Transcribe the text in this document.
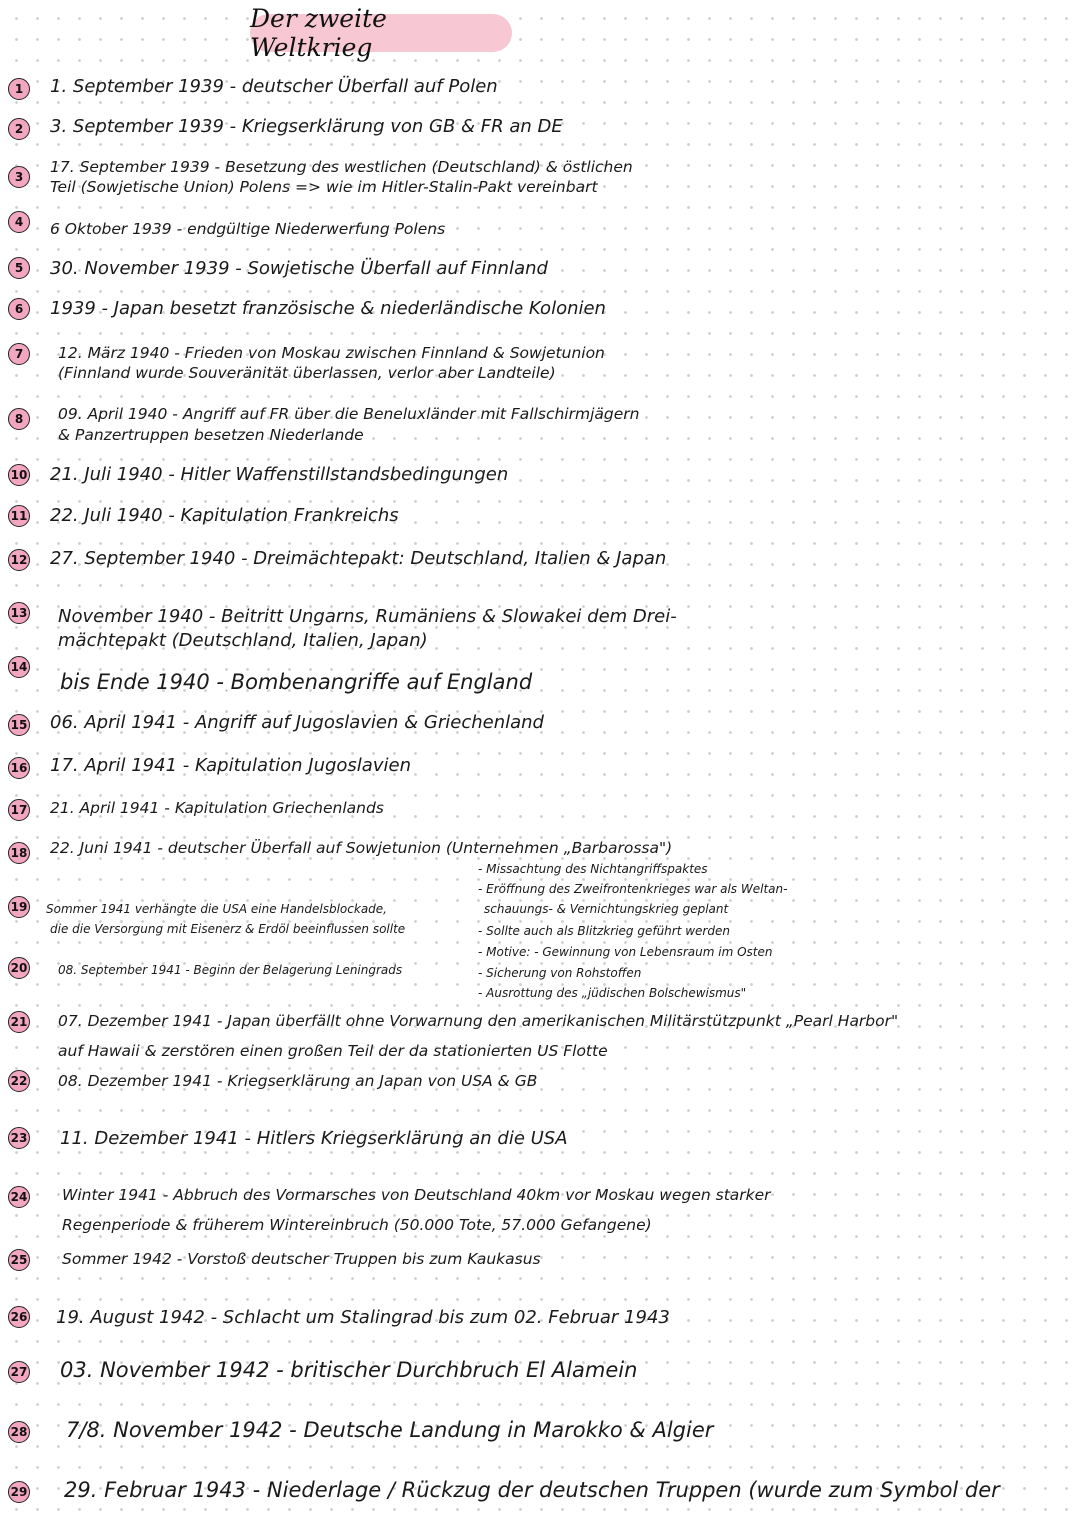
Der zweite Weltkrieg
1	1. September 1939 - deutscher Überfall auf Polen
2	3. September 1939 - Kriegserklärung von GB & FR an DE
3
17. September 1939 - Besetzung des westlichen (Deutschland) & östlichen
Teil (Sowjetische Union) Polens => wie im Hitler-Stalin-Pakt vereinbart
4	6 Oktober 1939 - endgültige Niederwerfung Polens
5	30. November 1939 - Sowjetische Überfall auf Finnland
6	1939 - Japan besetzt französische & niederländische Kolonien
7	12. März 1940 - Frieden von Moskau zwischen Finnland & Sowjetunion
(Finnland wurde Souveränität überlassen, verlor aber Landteile)
8	09. April 1940 - Angriff auf FR über die Beneluxländer mit Fallschirmjägern
& Panzertruppen besetzen Niederlande
10 21. Juli 1940 - Hitler Waffenstillstandsbedingungen
11 22. Juli 1940 - Kapitulation Frankreichs
12 27. September 1940 - Dreimächtepakt: Deutschland, Italien & Japan
13 November 1940 - Beitritt Ungarns, Rumäniens & Slowakei dem Drei-
mächtepakt (Deutschland, Italien, Japan)
14
bis Ende 1940 - Bombenangriffe auf England
15 06. April 1941 - Angriff auf Jugoslavien & Griechenland
16 17. April 1941 - Kapitulation Jugoslavien
17 21. April 1941 - Kapitulation Griechenlands
18 22. Juni 1941 - deutscher Überfall auf Sowjetunion (Unternehmen „Barbarossa")
- Missachtung des Nichtangriffspaktes
- Eröffnung des Zweifrontenkrieges war als Weltan-
schauungs- & Vernichtungskrieg geplant
- Sollte auch als Blitzkrieg geführt werden
- Motive: - Gewinnung von Lebensraum im Osten
- Sicherung von Rohstoffen
- Ausrottung des „jüdischen Bolschewismus"
19 Sommer 1941 verhängte die USA eine Handelsblockade,
die die Versorgung mit Eisenerz & Erdöl beeinflussen sollte
20	08. September 1941 - Beginn der Belagerung Leningrads
21 07. Dezember 1941 - Japan überfällt ohne Vorwarnung den amerikanischen Militärstützpunkt „Pearl Harbor"
auf Hawaii & zerstören einen großen Teil der da stationierten US Flotte
22 08. Dezember 1941 - Kriegserklärung an Japan von USA & GB
23 11. Dezember 1941 - Hitlers Kriegserklärung an die USA
24 Winter 1941 - Abbruch des Vormarsches von Deutschland 40km vor Moskau wegen starker
Regenperiode & früherem Wintereinbruch (50.000 Tote, 57.000 Gefangene)
25 Sommer 1942 - Vorstoß deutscher Truppen bis zum Kaukasus
26 19. August 1942 - Schlacht um Stalingrad bis zum 02. Februar 1943
27 03. November 1942 - britischer Durchbruch El Alamein
28 7/8. November 1942 - Deutsche Landung in Marokko & Algier
29 29. Februar 1943 - Niederlage / Rückzug der deutschen Truppen (wurde zum Symbol der
